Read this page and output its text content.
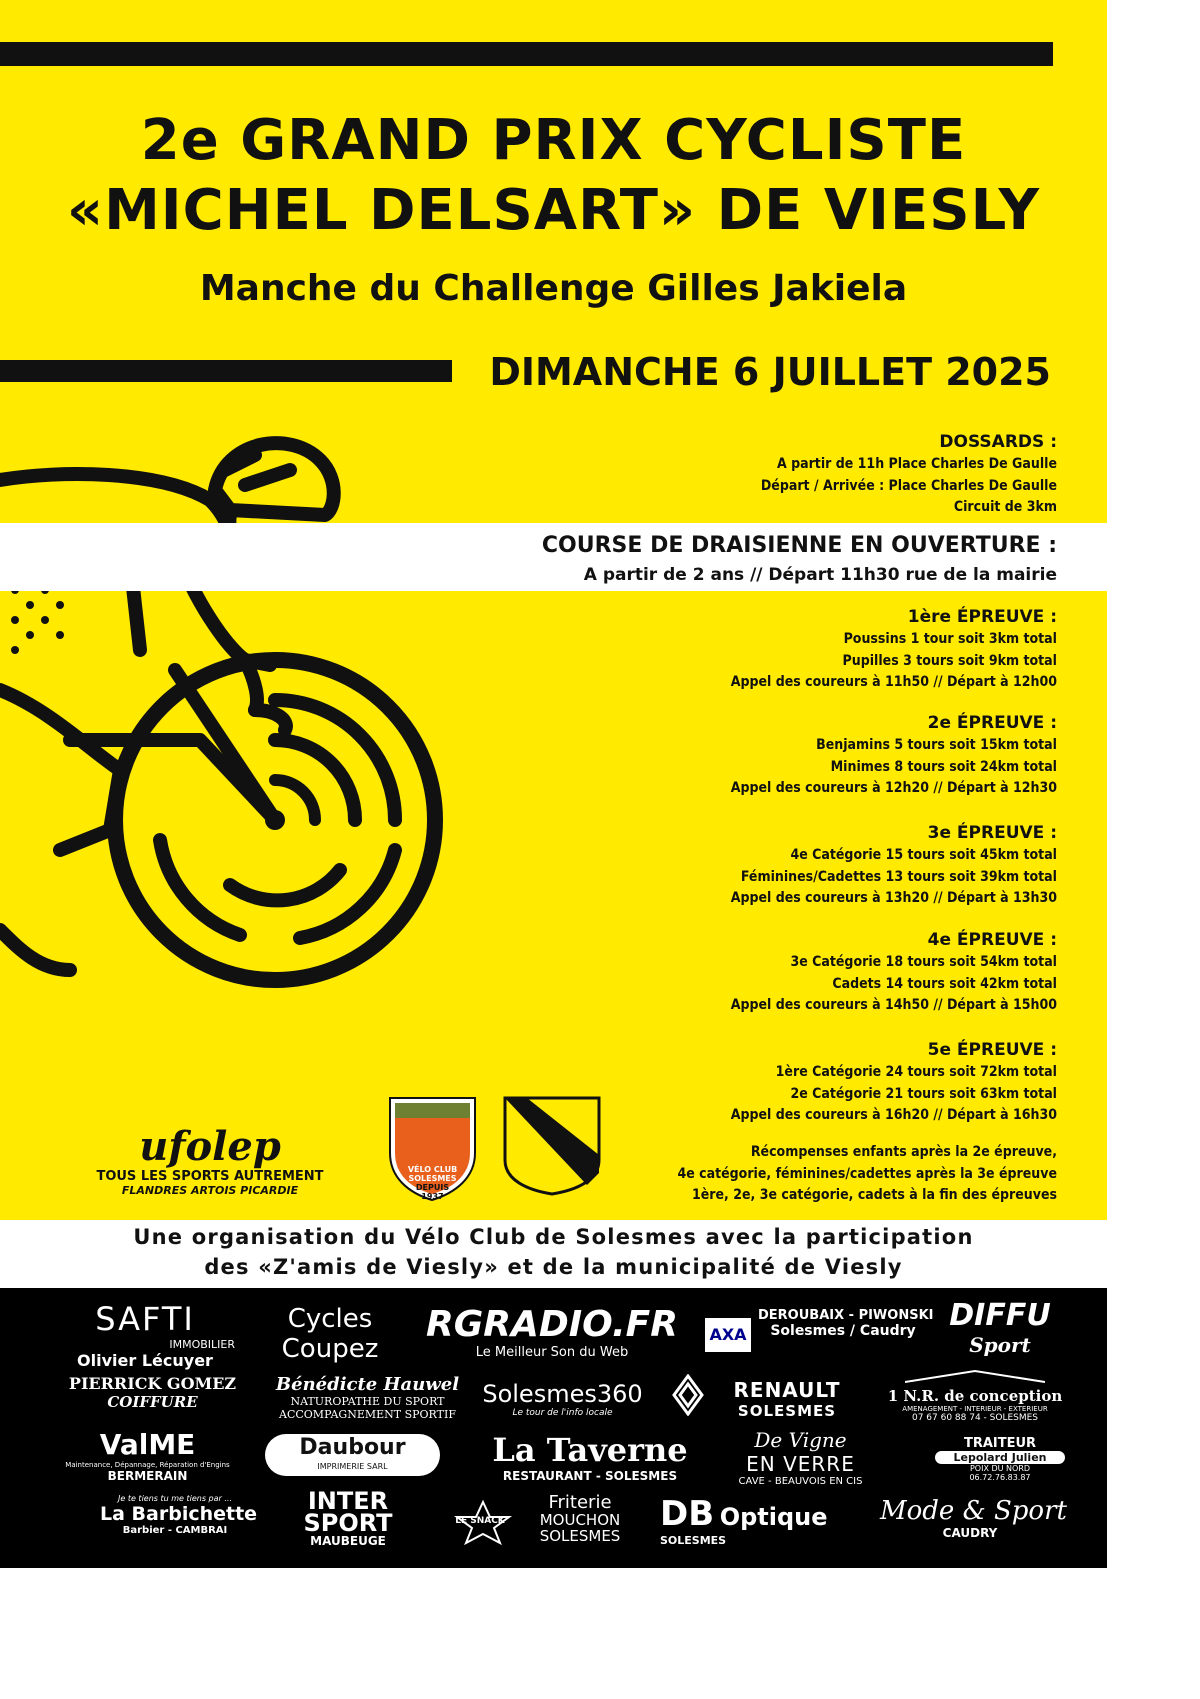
2e GRAND PRIX CYCLISTE
«MICHEL DELSART» DE VIESLY
Manche du Challenge Gilles Jakiela
DIMANCHE 6 JUILLET 2025
DOSSARDS :
A partir de 11h Place Charles De Gaulle
Départ / Arrivée : Place Charles De Gaulle
Circuit de 3km
COURSE DE DRAISIENNE EN OUVERTURE :
A partir de 2 ans // Départ 11h30 rue de la mairie
1ère ÉPREUVE :
Poussins 1 tour soit 3km total
Pupilles 3 tours soit 9km total
Appel des coureurs à 11h50 // Départ à 12h00
2e ÉPREUVE :
Benjamins 5 tours soit 15km total
Minimes 8 tours soit 24km total
Appel des coureurs à 12h20 // Départ à 12h30
3e ÉPREUVE :
4e Catégorie 15 tours soit 45km total
Féminines/Cadettes 13 tours soit 39km total
Appel des coureurs à 13h20 // Départ à 13h30
4e ÉPREUVE :
3e Catégorie 18 tours soit 54km total
Cadets 14 tours soit 42km total
Appel des coureurs à 14h50 // Départ à 15h00
5e ÉPREUVE :
1ère Catégorie 24 tours soit 72km total
2e Catégorie 21 tours soit 63km total
Appel des coureurs à 16h20 // Départ à 16h30
Récompenses enfants après la 2e épreuve,
4e catégorie, féminines/cadettes après la 3e épreuve
1ère, 2e, 3e catégorie, cadets à la fin des épreuves
ufolep
TOUS LES SPORTS AUTREMENT
FLANDRES ARTOIS PICARDIE
VÉLO CLUB
SOLESMES
DEPUIS
1937
Une organisation du Vélo Club de Solesmes avec la participation
des «Z'amis de Viesly» et de la municipalité de Viesly
SAFTI
IMMOBILIER
Olivier Lécuyer
Cycles
Coupez
RGRADIO.FR
Le Meilleur Son du Web
AXA
DEROUBAIX - PIWONSKI
Solesmes / Caudry	DIFFU
Sport
PIERRICK GOMEZ
COIFFURE
Bénédicte Hauwel
NATUROPATHE DU SPORT
ACCOMPAGNEMENT SPORTIF
Solesmes360
Le tour de l'info locale
RENAULT
SOLESMES
1 N.R. de conception
AMENAGEMENT - INTERIEUR - EXTERIEUR
07 67 60 88 74 - SOLESMES
ValME
Maintenance, Dépannage, Réparation d'Engins
BERMERAIN
Daubour
IMPRIMERIE SARL	La Taverne
RESTAURANT - SOLESMES
De Vigne
EN VERRE
CAVE - BEAUVOIS EN CIS
TRAITEUR
Lepolard Julien
POIX DU NORD
06.72.76.83.87
Je te tiens tu me tiens par ...
La Barbichette
Barbier - CAMBRAI
INTER
SPORT
MAUBEUGE
LE SNACK
Friterie
MOUCHON
SOLESMES
DB Optique
SOLESMES
Mode & Sport
CAUDRY
